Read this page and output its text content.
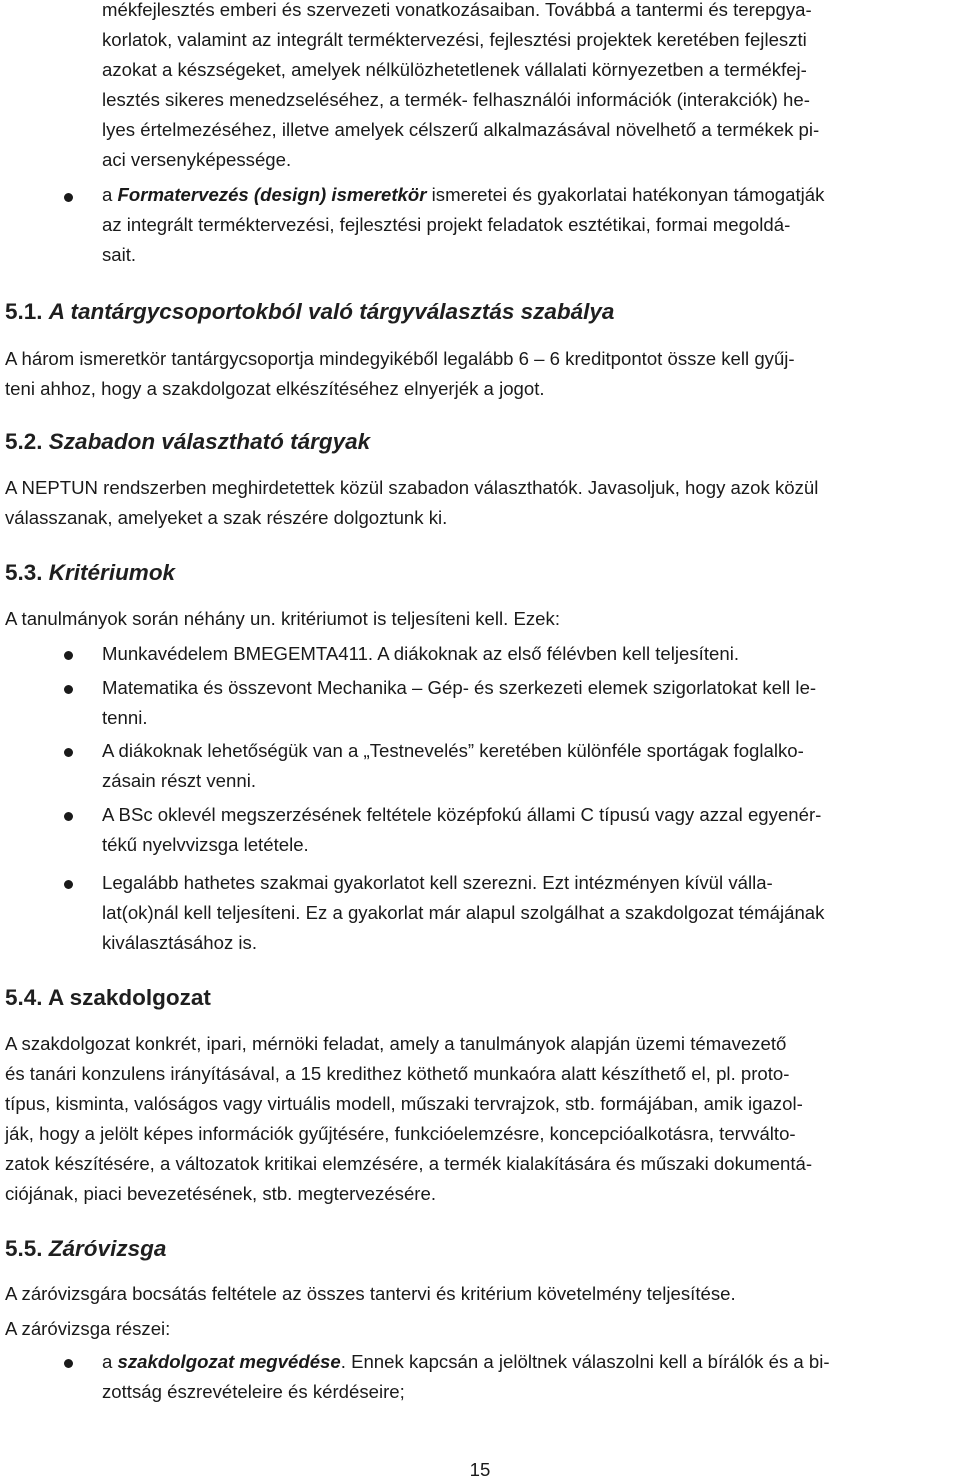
mékfejlesztés emberi és szervezeti vonatkozásaiban. Továbbá a tantermi és terepgya-

korlatok, valamint az integrált terméktervezési, fejlesztési projektek keretében fejleszti

azokat a készségeket, amelyek nélkülözhetetlenek vállalati környezetben a termékfej-

lesztés sikeres menedzseléséhez, a termék- felhasználói információk (interakciók) he-

lyes értelmezéséhez, illetve amelyek célszerű alkalmazásával növelhető a termékek pi-

aci versenyképessége.

a Formatervezés (design) ismeretkör ismeretei és gyakorlatai hatékonyan támogatják

az integrált terméktervezési, fejlesztési projekt feladatok esztétikai, formai megoldá-

sait.

5.1. A tantárgycsoportokból való tárgyválasztás szabálya

A három ismeretkör tantárgycsoportja mindegyikéből legalább 6 – 6 kreditpontot össze kell gyűj-

teni ahhoz, hogy a szakdolgozat elkészítéséhez elnyerjék a jogot.

5.2. Szabadon választható tárgyak

A NEPTUN rendszerben meghirdetettek közül szabadon választhatók. Javasoljuk, hogy azok közül

válasszanak, amelyeket a szak részére dolgoztunk ki.

5.3. Kritériumok

A tanulmányok során néhány un. kritériumot is teljesíteni kell. Ezek:

Munkavédelem BMEGEMTA411. A diákoknak az első félévben kell teljesíteni.

Matematika és összevont Mechanika – Gép- és szerkezeti elemek szigorlatokat kell le-

tenni.

A diákoknak lehetőségük van a „Testnevelés” keretében különféle sportágak foglalko-

zásain részt venni.

A BSc oklevél megszerzésének feltétele középfokú állami C típusú vagy azzal egyenér-

tékű nyelvvizsga letétele.

Legalább hathetes szakmai gyakorlatot kell szerezni. Ezt intézményen kívül válla-

lat(ok)nál kell teljesíteni. Ez a gyakorlat már alapul szolgálhat a szakdolgozat témájának

kiválasztásához is.

5.4. A szakdolgozat

A szakdolgozat konkrét, ipari, mérnöki feladat, amely a tanulmányok alapján üzemi témavezető

és tanári konzulens irányításával, a 15 kredithez köthető munkaóra alatt készíthető el, pl. proto-

típus, kisminta, valóságos vagy virtuális modell, műszaki tervrajzok, stb. formájában, amik igazol-

ják, hogy a jelölt képes információk gyűjtésére, funkcióelemzésre, koncepcióalkotásra, tervválto-

zatok készítésére, a változatok kritikai elemzésére, a termék kialakítására és műszaki dokumentá-

ciójának, piaci bevezetésének, stb. megtervezésére.

5.5. Záróvizsga

A záróvizsgára bocsátás feltétele az összes tantervi és kritérium követelmény teljesítése.

A záróvizsga részei:

a szakdolgozat megvédése. Ennek kapcsán a jelöltnek válaszolni kell a bírálók és a bi-

zottság észrevételeire és kérdéseire;

15
